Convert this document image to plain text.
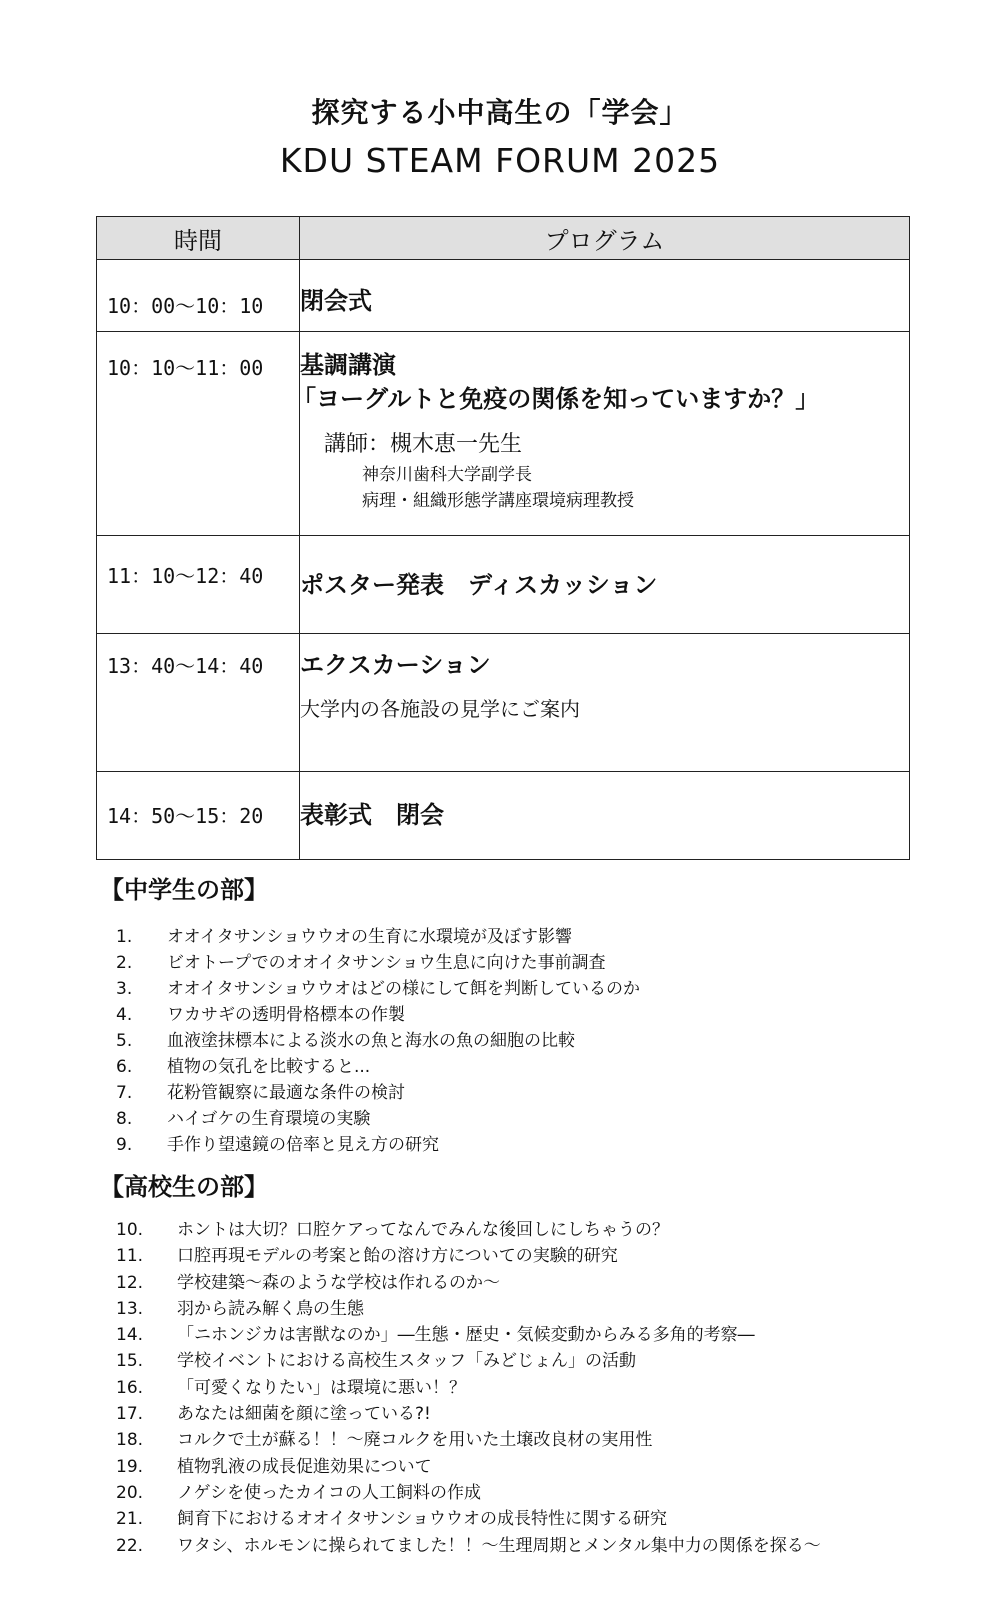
探究する小中高生の「学会」
KDU STEAM FORUM 2025
時間	プログラム

10：00〜10：10	閉会式

10：10〜11：00	基調講演
「ヨーグルトと免疫の関係を知っていますか？」
講師：槻木恵一先生
神奈川歯科大学副学長
病理・組織形態学講座環境病理教授

11：10〜12：40	ポスター発表　ディスカッション

13：40〜14：40	エクスカーション
大学内の各施設の見学にご案内

14：50〜15：20	表彰式　閉会
【中学生の部】
1. オオイタサンショウウオの生育に水環境が及ぼす影響
2. ビオトープでのオオイタサンショウ生息に向けた事前調査
3. オオイタサンショウウオはどの様にして餌を判断しているのか
4. ワカサギの透明骨格標本の作製
5. 血液塗抹標本による淡水の魚と海水の魚の細胞の比較
6. 植物の気孔を比較すると...
7. 花粉管観察に最適な条件の検討
8. ハイゴケの生育環境の実験
9. 手作り望遠鏡の倍率と見え方の研究
【高校生の部】
10. ホントは大切？口腔ケアってなんでみんな後回しにしちゃうの？
11. 口腔再現モデルの考案と飴の溶け方についての実験的研究
12. 学校建築〜森のような学校は作れるのか〜
13. 羽から読み解く鳥の生態
14. 「ニホンジカは害獣なのか」―生態・歴史・気候変動からみる多角的考察―
15. 学校イベントにおける高校生スタッフ「みどじょん」の活動
16. 「可愛くなりたい」は環境に悪い！？
17. あなたは細菌を顔に塗っている?!
18. コルクで土が蘇る！！〜廃コルクを用いた土壌改良材の実用性
19. 植物乳液の成長促進効果について
20. ノゲシを使ったカイコの人工飼料の作成
21. 飼育下におけるオオイタサンショウウオの成長特性に関する研究
22. ワタシ、ホルモンに操られてました！！〜生理周期とメンタル集中力の関係を探る〜
